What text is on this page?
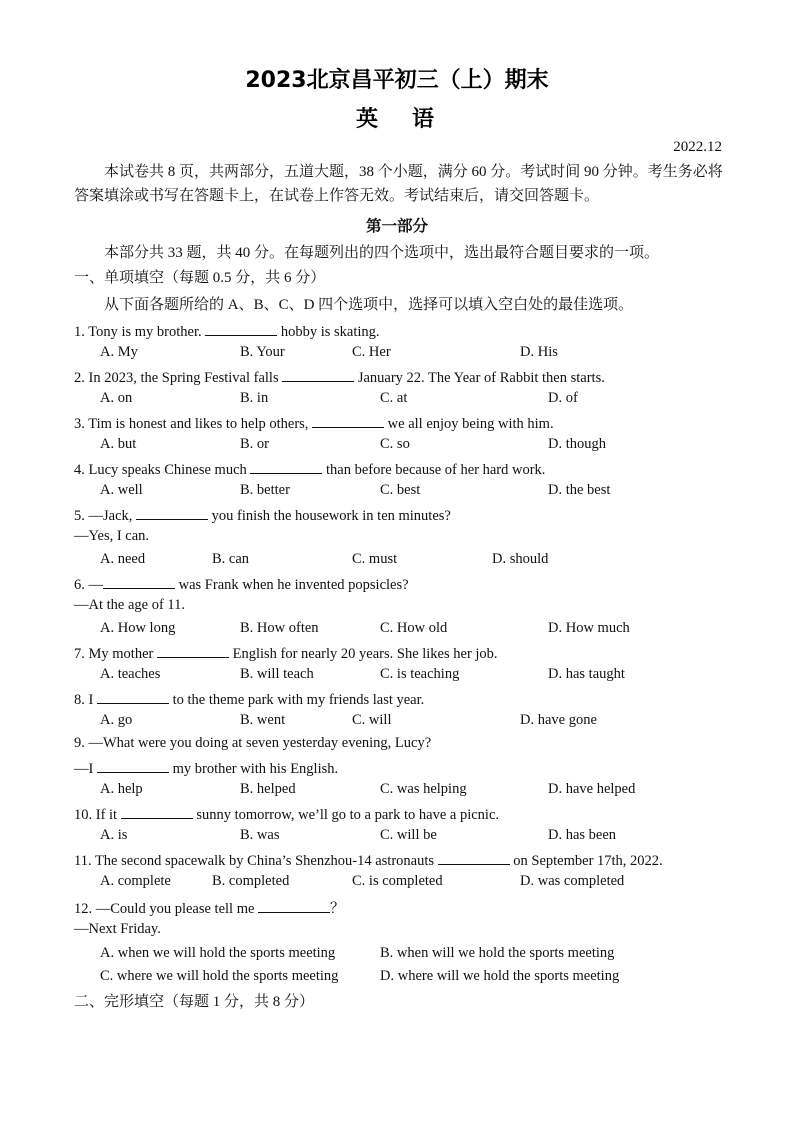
2023北京昌平初三（上）期末
英语
2022.12
本试卷共 8 页，共两部分，五道大题，38 个小题，满分 60 分。考试时间 90 分钟。考生务必将答案填涂或书写在答题卡上，在试卷上作答无效。考试结束后，请交回答题卡。
第一部分
本部分共 33 题，共 40 分。在每题列出的四个选项中，选出最符合题目要求的一项。
一、单项填空（每题 0.5 分，共 6 分）
从下面各题所给的 A、B、C、D 四个选项中，选择可以填入空白处的最佳选项。
1. Tony is my brother.	hobby is skating.
A. My	B. Your	C. Her	D. His
2. In 2023, the Spring Festival falls	January 22. The Year of Rabbit then starts.
A. on	B. in	C. at	D. of
3. Tim is honest and likes to help others,	we all enjoy being with him.
A. but	B. or	C. so	D. though
4. Lucy speaks Chinese much	than before because of her hard work.
A. well	B. better	C. best	D. the best
5. —Jack,	you finish the housework in ten minutes?
—Yes, I can.
A. need	B. can	C. must	D. should
6. —	was Frank when he invented popsicles?
—At the age of 11.
A. How long	B. How often	C. How old	D. How much
7. My mother	English for nearly 20 years. She likes her job.
A. teaches	B. will teach	C. is teaching	D. has taught
8. I	to the theme park with my friends last year.
A. go	B. went	C. will	D. have gone
9. —What were you doing at seven yesterday evening, Lucy?
—I	my brother with his English.
A. help	B. helped	C. was helping	D. have helped
10. If it	sunny tomorrow, we’ll go to a park to have a picnic.
A. is	B. was	C. will be	D. has been
11. The second spacewalk by China’s Shenzhou-14 astronauts	on September 17th, 2022.
A. complete	B. completed	C. is completed	D. was completed
12. —Could you please tell me	？
—Next Friday.
A. when we will hold the sports meeting	B. when will we hold the sports meeting
C. where we will hold the sports meeting	D. where will we hold the sports meeting
二、完形填空（每题 1 分，共 8 分）
